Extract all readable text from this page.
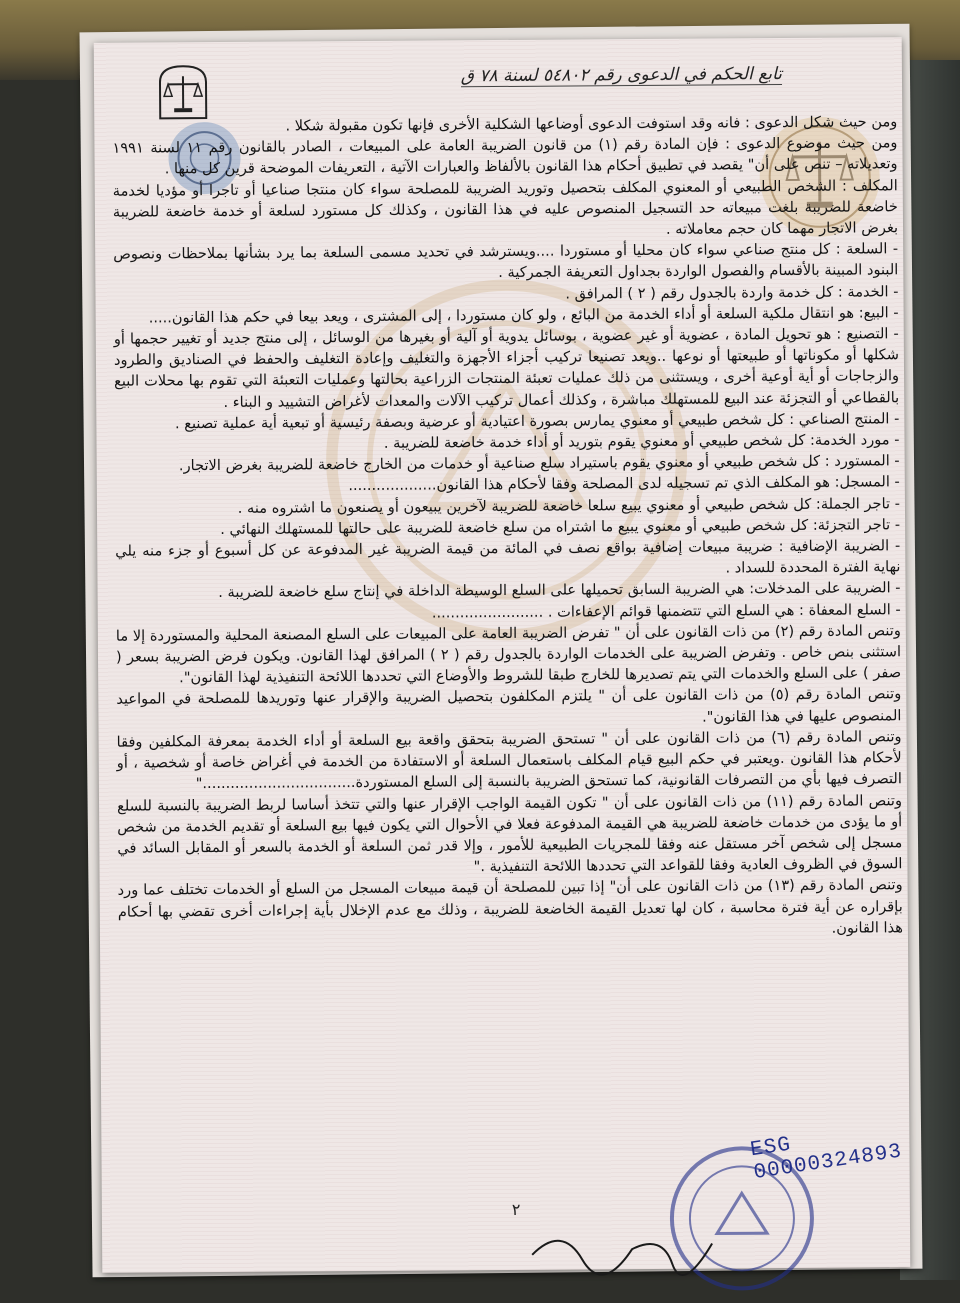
تابع الحكم في الدعوى رقم ٥٤٨٠٢ لسنة ٧٨ ق

ومن حيث شكل الدعوى : فانه وقد استوفت الدعوى أوضاعها الشكلية الأخرى فإنها تكون مقبولة شكلا .

ومن حيث موضوع الدعوى : فإن المادة رقم (١) من قانون الضريبة العامة على المبيعات ، الصادر بالقانون رقم ١١ لسنة ١٩٩١ وتعديلاته – تنص على أن" يقصد في تطبيق أحكام هذا القانون بالألفاظ والعبارات الآتية ، التعريفات الموضحة قرين كل منها .

المكلف : الشخص الطبيعي أو المعنوي المكلف بتحصيل وتوريد الضريبة للمصلحة سواء كان منتجا صناعيا أو تاجرا أو مؤديا لخدمة خاضعة للضريبة بلغت مبيعاته حد التسجيل المنصوص عليه في هذا القانون ، وكذلك كل مستورد لسلعة أو خدمة خاضعة للضريبة بغرض الاتجار مهما كان حجم معاملاته .

- السلعة : كل منتج صناعي سواء كان محليا أو مستوردا ....ويسترشد في تحديد مسمى السلعة بما يرد بشأنها بملاحظات ونصوص البنود المبينة بالأقسام والفصول الواردة بجداول التعريفة الجمركية .

- الخدمة : كل خدمة واردة بالجدول رقم ( ٢ ) المرافق .

- البيع: هو انتقال ملكية السلعة أو أداء الخدمة من البائع ، ولو كان مستوردا ، إلى المشترى ، ويعد بيعا في حكم هذا القانون.....

- التصنيع : هو تحويل المادة ، عضوية أو غير عضوية ، بوسائل يدوية أو آلية أو بغيرها من الوسائل ، إلى منتج جديد أو تغيير حجمها أو شكلها أو مكوناتها أو طبيعتها أو نوعها ..ويعد تصنيعا تركيب أجزاء الأجهزة والتغليف وإعادة التغليف والحفظ في الصناديق والطرود والزجاجات أو أية أوعية أخرى ، ويستثنى من ذلك عمليات تعبئة المنتجات الزراعية بحالتها وعمليات التعبئة التي تقوم بها محلات البيع بالقطاعي أو التجزئة عند البيع للمستهلك مباشرة ، وكذلك أعمال تركيب الآلات والمعدات لأغراض التشييد و البناء .

- المنتج الصناعي : كل شخص طبيعي أو معنوي يمارس بصورة اعتيادية أو عرضية وبصفة رئيسية أو تبعية أية عملية تصنيع .

- مورد الخدمة: كل شخص طبيعي أو معنوي يقوم بتوريد أو أداء خدمة خاضعة للضريبة .

- المستورد : كل شخص طبيعي أو معنوي يقوم باستيراد سلع صناعية أو خدمات من الخارج خاضعة للضريبة بغرض الاتجار.

- المسجل: هو المكلف الذي تم تسجيله لدى المصلحة وفقا لأحكام هذا القانون...................

- تاجر الجملة: كل شخص طبيعي أو معنوي يبيع سلعا خاضعة للضريبة لآخرين يبيعون أو يصنعون ما اشتروه منه .

- تاجر التجزئة: كل شخص طبيعي أو معنوي يبيع ما اشتراه من سلع خاضعة للضريبة على حالتها للمستهلك النهائي .

- الضريبة الإضافية : ضريبة مبيعات إضافية بواقع نصف في المائة من قيمة الضريبة غير المدفوعة عن كل أسبوع أو جزء منه يلي نهاية الفترة المحددة للسداد .

- الضريبة على المدخلات: هي الضريبة السابق تحميلها على السلع الوسيطة الداخلة في إنتاج سلع خاضعة للضريبة .

- السلع المعفاة : هي السلع التي تتضمنها قوائم الإعفاءات . ........................

وتنص المادة رقم (٢) من ذات القانون على أن " تفرض الضريبة العامة على المبيعات على السلع المصنعة المحلية والمستوردة إلا ما استثنى بنص خاص . وتفرض الضريبة على الخدمات الواردة بالجدول رقم ( ٢ ) المرافق لهذا القانون. ويكون فرض الضريبة بسعر ( صفر ) على السلع والخدمات التي يتم تصديرها للخارج طبقا للشروط والأوضاع التي تحددها اللائحة التنفيذية لهذا القانون".

وتنص المادة رقم (٥) من ذات القانون على أن " يلتزم المكلفون بتحصيل الضريبة والإقرار عنها وتوريدها للمصلحة في المواعيد المنصوص عليها في هذا القانون".

وتنص المادة رقم (٦) من ذات القانون على أن " تستحق الضريبة بتحقق واقعة بيع السلعة أو أداء الخدمة بمعرفة المكلفين وفقا لأحكام هذا القانون .ويعتبر في حكم البيع قيام المكلف باستعمال السلعة أو الاستفادة من الخدمة في أغراض خاصة أو شخصية ، أو التصرف فيها بأي من التصرفات القانونية، كما تستحق الضريبة بالنسبة إلى السلع المستوردة................................."

وتنص المادة رقم (١١) من ذات القانون على أن " تكون القيمة الواجب الإقرار عنها والتي تتخذ أساسا لربط الضريبة بالنسبة للسلع أو ما يؤدى من خدمات خاضعة للضريبة هي القيمة المدفوعة فعلا في الأحوال التي يكون فيها بيع السلعة أو تقديم الخدمة من شخص مسجل إلى شخص آخر مستقل عنه وفقا للمجريات الطبيعية للأمور ، وإلا قدر ثمن السلعة أو الخدمة بالسعر أو المقابل السائد في السوق في الظروف العادية وفقا للقواعد التي تحددها اللائحة التنفيذية ."

وتنص المادة رقم (١٣) من ذات القانون على أن" إذا تبين للمصلحة أن قيمة مبيعات المسجل من السلع أو الخدمات تختلف عما ورد بإقراره عن أية فترة محاسبة ، كان لها تعديل القيمة الخاضعة للضريبة ، وذلك مع عدم الإخلال بأية إجراءات أخرى تقضي بها أحكام هذا القانون.

ESG 00000324893
٢
